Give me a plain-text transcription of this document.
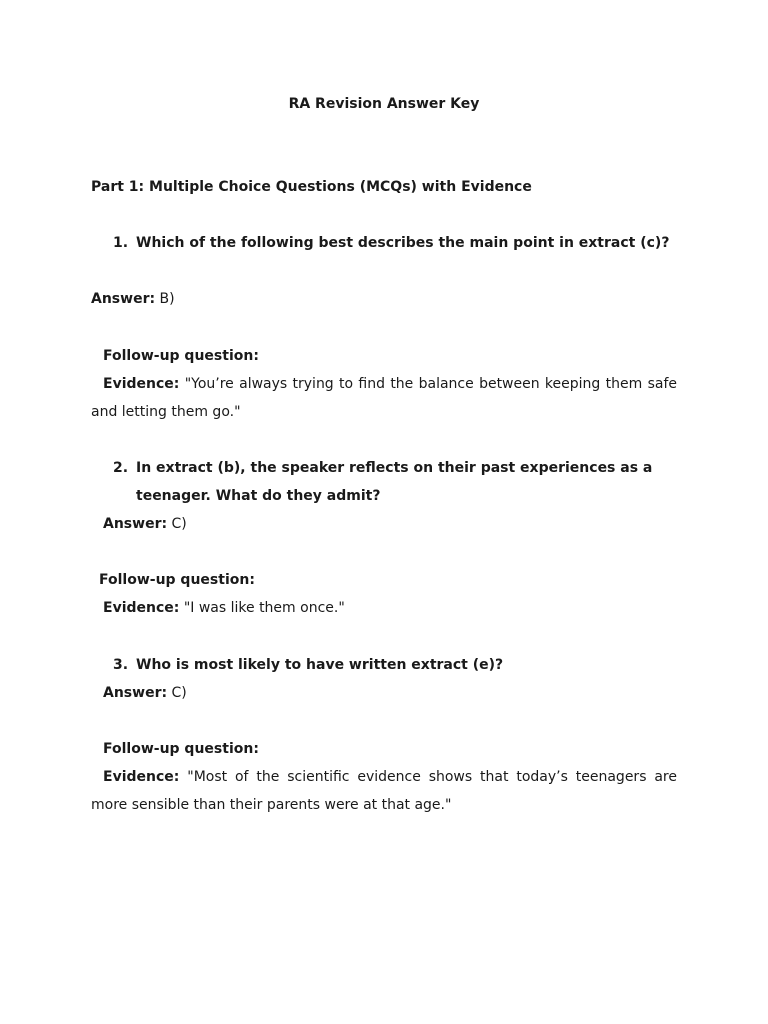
RA Revision Answer Key
Part 1: Multiple Choice Questions (MCQs) with Evidence
1. Which of the following best describes the main point in extract (c)?
Answer: B)
Follow-up question:
Evidence: "You’re always trying to find the balance between keeping them safe and letting them go."
2. In extract (b), the speaker reflects on their past experiences as a teenager. What do they admit?
Answer: C)
Follow-up question:
Evidence: "I was like them once."
3. Who is most likely to have written extract (e)?
Answer: C)
Follow-up question:
Evidence: "Most of the scientific evidence shows that today’s teenagers are more sensible than their parents were at that age."
